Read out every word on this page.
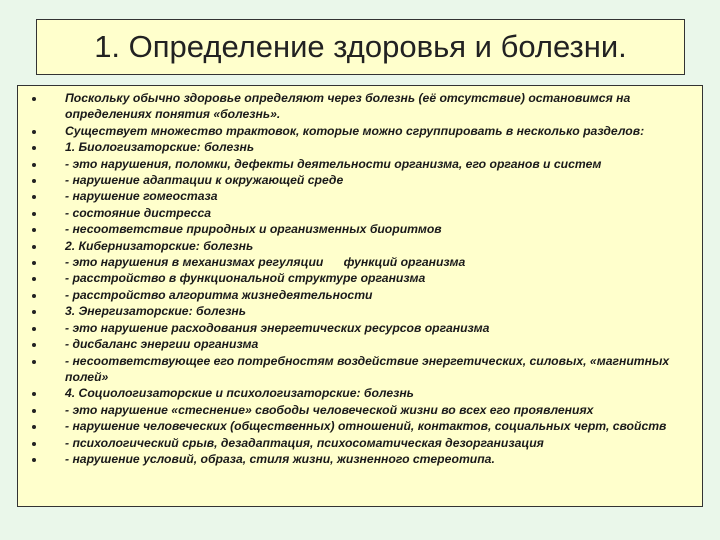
1. Определение здоровья и болезни.
Поскольку обычно здоровье определяют через болезнь (её отсутствие) остановимся на определениях понятия «болезнь».
Существует множество трактовок, которые можно сгруппировать в несколько разделов:
1. Биологизаторские: болезнь
- это нарушения, поломки, дефекты деятельности организма, его органов и систем
- нарушение адаптации к окружающей среде
- нарушение гомеостаза
- состояние дистресса
- несоответствие природных и организменных биоритмов
2. Кибернизаторские: болезнь
- это нарушения в механизмах регуляции      функций организма
- расстройство в функциональной структуре организма
- расстройство алгоритма жизнедеятельности
3. Энергизаторские: болезнь
- это нарушение расходования энергетических ресурсов организма
- дисбаланс энергии организма
- несоответствующее его потребностям воздействие энергетических, силовых, «магнитных полей»
4. Социологизаторские и психологизаторские: болезнь
- это нарушение «стеснение» свободы человеческой жизни во всех его проявлениях
- нарушение человеческих (общественных) отношений, контактов, социальных черт, свойств
- психологический срыв, дезадаптация, психосоматическая дезорганизация
- нарушение условий, образа, стиля жизни, жизненного стереотипа.
